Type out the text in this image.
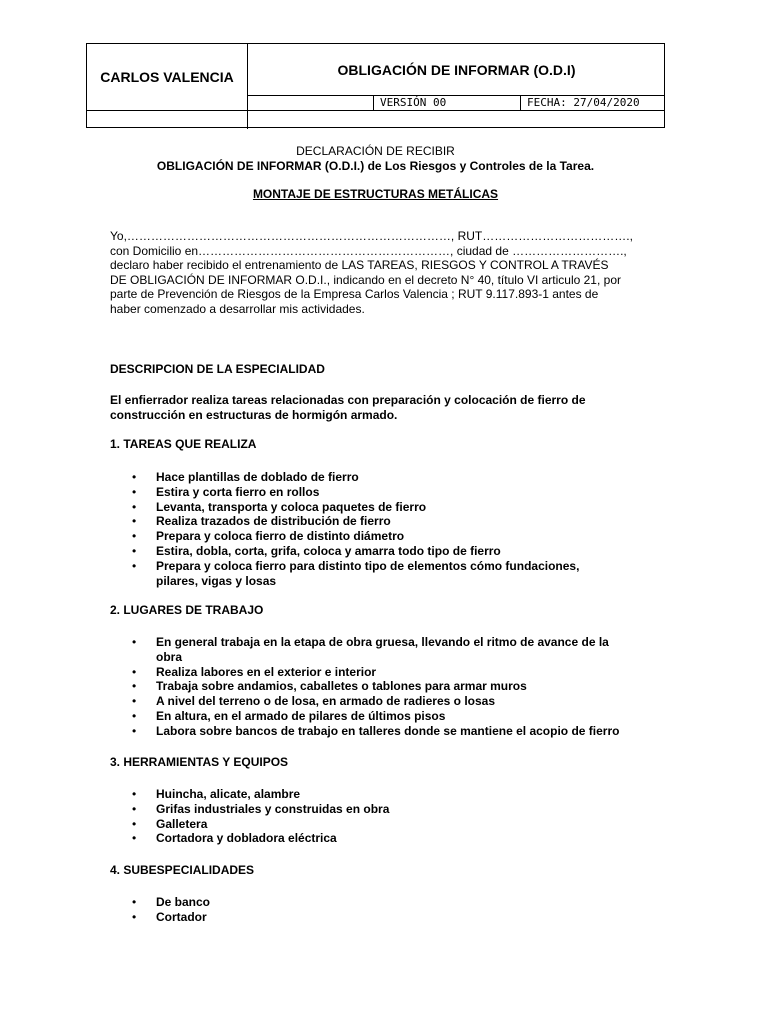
CARLOS VALENCIA	OBLIGACIÓN DE INFORMAR (O.D.I)
VERSIÓN 00	FECHA: 27/04/2020
DECLARACIÓN DE RECIBIR
OBLIGACIÓN DE INFORMAR (O.D.I.) de Los Riesgos y Controles de la Tarea.
MONTAJE DE ESTRUCTURAS METÁLICAS
Yo,………………………………………………………………………, RUT……………………………….,
con Domicilio en………………………………………………………, ciudad de ……………………….,
declaro haber recibido el entrenamiento de LAS TAREAS, RIESGOS Y CONTROL A TRAVÉS
DE OBLIGACIÓN DE INFORMAR O.D.I., indicando en el decreto N° 40, título VI articulo 21, por
parte de Prevención de Riesgos de la Empresa Carlos Valencia ; RUT 9.117.893-1 antes de
haber comenzado a desarrollar mis actividades.
DESCRIPCION DE LA ESPECIALIDAD
El enfierrador realiza tareas relacionadas con preparación y colocación de fierro de construcción en estructuras de hormigón armado.
1. TAREAS QUE REALIZA
• Hace plantillas de doblado de fierro
• Estira y corta fierro en rollos
• Levanta, transporta y coloca paquetes de fierro
• Realiza trazados de distribución de fierro
• Prepara y coloca fierro de distinto diámetro
• Estira, dobla, corta, grifa, coloca y amarra todo tipo de fierro
• Prepara y coloca fierro para distinto tipo de elementos cómo fundaciones, pilares, vigas y losas
2. LUGARES DE TRABAJO
• En general trabaja en la etapa de obra gruesa, llevando el ritmo de avance de la obra
• Realiza labores en el exterior e interior
• Trabaja sobre andamios, caballetes o tablones para armar muros
• A nivel del terreno o de losa, en armado de radieres o losas
• En altura, en el armado de pilares de últimos pisos
• Labora sobre bancos de trabajo en talleres donde se mantiene el acopio de fierro
3. HERRAMIENTAS Y EQUIPOS
• Huincha, alicate, alambre
• Grifas industriales y construidas en obra
• Galletera
• Cortadora y dobladora eléctrica
4. SUBESPECIALIDADES
• De banco
• Cortador
